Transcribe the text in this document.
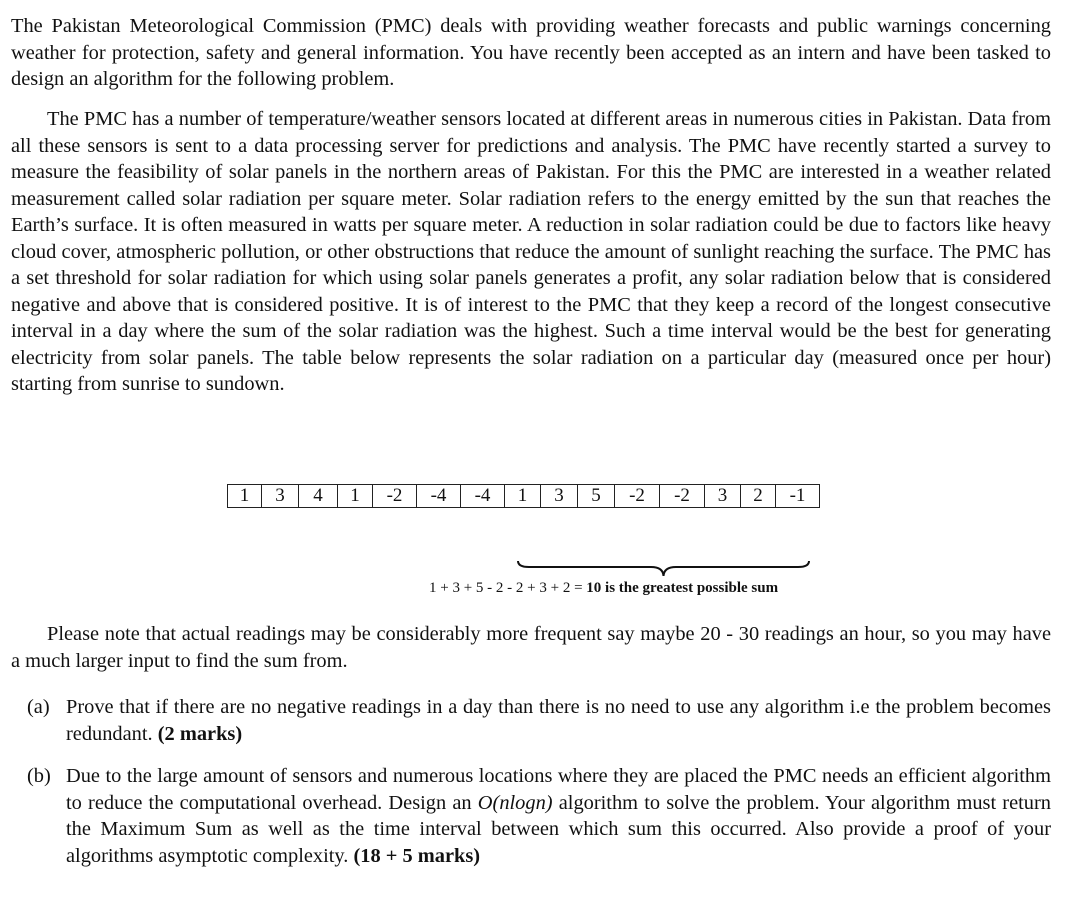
The Pakistan Meteorological Commission (PMC) deals with providing weather forecasts and public warnings concerning weather for protection, safety and general information. You have recently been accepted as an intern and have been tasked to design an algorithm for the following problem.

The PMC has a number of temperature/weather sensors located at different areas in numerous cities in Pakistan. Data from all these sensors is sent to a data processing server for predictions and analysis. The PMC have recently started a survey to measure the feasibility of solar panels in the northern areas of Pakistan. For this the PMC are interested in a weather related measurement called solar radiation per square meter. Solar radiation refers to the energy emitted by the sun that reaches the Earth’s surface. It is often measured in watts per square meter. A reduction in solar radiation could be due to factors like heavy cloud cover, atmospheric pollution, or other obstructions that reduce the amount of sunlight reaching the surface. The PMC has a set threshold for solar radiation for which using solar panels generates a profit, any solar radiation below that is considered negative and above that is considered positive. It is of interest to the PMC that they keep a record of the longest consecutive interval in a day where the sum of the solar radiation was the highest. Such a time interval would be the best for generating electricity from solar panels. The table below represents the solar radiation on a particular day (measured once per hour) starting from sunrise to sundown.

1	3	4	1	-2	-4	-4	1	3	5	-2	-2	3	2	-1
1 + 3 + 5 - 2 - 2 + 3 + 2 = 10 is the greatest possible sum

Please note that actual readings may be considerably more frequent say maybe 20 - 30 readings an hour, so you may have a much larger input to find the sum from.

(a) Prove that if there are no negative readings in a day than there is no need to use any algorithm i.e the problem becomes redundant. (2 marks)
(b) Due to the large amount of sensors and numerous locations where they are placed the PMC needs an efficient algorithm to reduce the computational overhead. Design an O(nlogn) algorithm to solve the problem. Your algorithm must return the Maximum Sum as well as the time interval between which sum this occurred. Also provide a proof of your algorithms asymptotic complexity. (18 + 5 marks)
